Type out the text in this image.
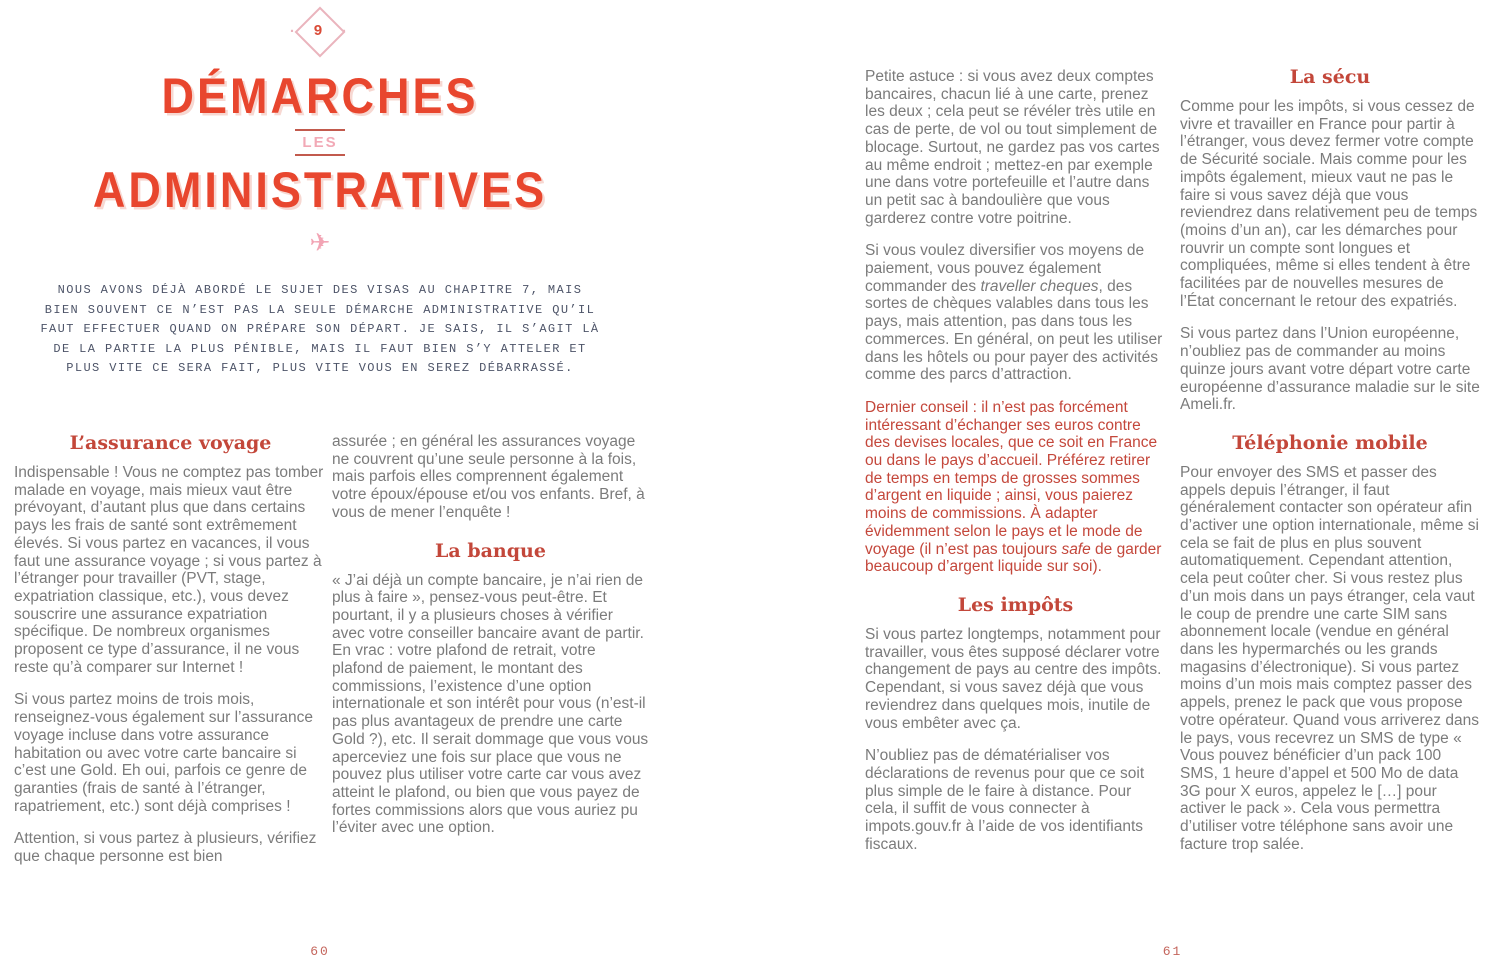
· 9 ·
DÉMARCHES
LES
ADMINISTRATIVES
✈

NOUS AVONS DÉJÀ ABORDÉ LE SUJET DES VISAS AU CHAPITRE 7, MAIS BIEN SOUVENT CE N’EST PAS LA SEULE DÉMARCHE ADMINISTRATIVE QU’IL FAUT EFFECTUER QUAND ON PRÉPARE SON DÉPART. JE SAIS, IL S’AGIT LÀ DE LA PARTIE LA PLUS PÉNIBLE, MAIS IL FAUT BIEN S’Y ATTELER ET PLUS VITE CE SERA FAIT, PLUS VITE VOUS EN SEREZ DÉBARRASSÉ.

L’assurance voyage

Indispensable ! Vous ne comptez pas tomber malade en voyage, mais mieux vaut être prévoyant, d’autant plus que dans certains pays les frais de santé sont extrêmement élevés. Si vous partez en vacances, il vous faut une assurance voyage ; si vous partez à l’étranger pour travailler (PVT, stage, expatriation classique, etc.), vous devez souscrire une assurance expatriation spécifique. De nombreux organismes proposent ce type d’assurance, il ne vous reste qu’à comparer sur Internet !

Si vous partez moins de trois mois, renseignez-vous également sur l’assurance voyage incluse dans votre assurance habitation ou avec votre carte bancaire si c’est une Gold. Eh oui, parfois ce genre de garanties (frais de santé à l’étranger, rapatriement, etc.) sont déjà comprises !

Attention, si vous partez à plusieurs, vérifiez que chaque personne est bien

assurée ; en général les assurances voyage ne couvrent qu’une seule personne à la fois, mais parfois elles comprennent également votre époux/épouse et/ou vos enfants. Bref, à vous de mener l’enquête !

La banque

« J’ai déjà un compte bancaire, je n’ai rien de plus à faire », pensez-vous peut-être. Et pourtant, il y a plusieurs choses à vérifier avec votre conseiller bancaire avant de partir. En vrac : votre plafond de retrait, votre plafond de paiement, le montant des commissions, l’existence d’une option internationale et son intérêt pour vous (n’est-il pas plus avantageux de prendre une carte Gold ?), etc. Il serait dommage que vous vous aperceviez une fois sur place que vous ne pouvez plus utiliser votre carte car vous avez atteint le plafond, ou bien que vous payez de fortes commissions alors que vous auriez pu l’éviter avec une option.

60

Petite astuce : si vous avez deux comptes bancaires, chacun lié à une carte, prenez les deux ; cela peut se révéler très utile en cas de perte, de vol ou tout simplement de blocage. Surtout, ne gardez pas vos cartes au même endroit ; mettez-en par exemple une dans votre portefeuille et l’autre dans un petit sac à bandoulière que vous garderez contre votre poitrine.

Si vous voulez diversifier vos moyens de paiement, vous pouvez également commander des traveller cheques, des sortes de chèques valables dans tous les pays, mais attention, pas dans tous les commerces. En général, on peut les utiliser dans les hôtels ou pour payer des activités comme des parcs d’attraction.

Dernier conseil : il n’est pas forcément intéressant d’échanger ses euros contre des devises locales, que ce soit en France ou dans le pays d’accueil. Préférez retirer de temps en temps de grosses sommes d’argent en liquide ; ainsi, vous paierez moins de commissions. À adapter évidemment selon le pays et le mode de voyage (il n’est pas toujours safe de garder beaucoup d’argent liquide sur soi).

Les impôts

Si vous partez longtemps, notamment pour travailler, vous êtes supposé déclarer votre changement de pays au centre des impôts. Cependant, si vous savez déjà que vous reviendrez dans quelques mois, inutile de vous embêter avec ça.

N’oubliez pas de dématérialiser vos déclarations de revenus pour que ce soit plus simple de le faire à distance. Pour cela, il suffit de vous connecter à impots.gouv.fr à l’aide de vos identifiants fiscaux.

La sécu

Comme pour les impôts, si vous cessez de vivre et travailler en France pour partir à l’étranger, vous devez fermer votre compte de Sécurité sociale. Mais comme pour les impôts également, mieux vaut ne pas le faire si vous savez déjà que vous reviendrez dans relativement peu de temps (moins d’un an), car les démarches pour rouvrir un compte sont longues et compliquées, même si elles tendent à être facilitées par de nouvelles mesures de l’État concernant le retour des expatriés.

Si vous partez dans l’Union européenne, n’oubliez pas de commander au moins quinze jours avant votre départ votre carte européenne d’assurance maladie sur le site Ameli.fr.

Téléphonie mobile

Pour envoyer des SMS et passer des appels depuis l’étranger, il faut généralement contacter son opérateur afin d’activer une option internationale, même si cela se fait de plus en plus souvent automatiquement. Cependant attention, cela peut coûter cher. Si vous restez plus d’un mois dans un pays étranger, cela vaut le coup de prendre une carte SIM sans abonnement locale (vendue en général dans les hypermarchés ou les grands magasins d’électronique). Si vous partez moins d’un mois mais comptez passer des appels, prenez le pack que vous propose votre opérateur. Quand vous arriverez dans le pays, vous recevrez un SMS de type « Vous pouvez bénéficier d’un pack 100 SMS, 1 heure d’appel et 500 Mo de data 3G pour X euros, appelez le […] pour activer le pack ». Cela vous permettra d’utiliser votre téléphone sans avoir une facture trop salée.

61
